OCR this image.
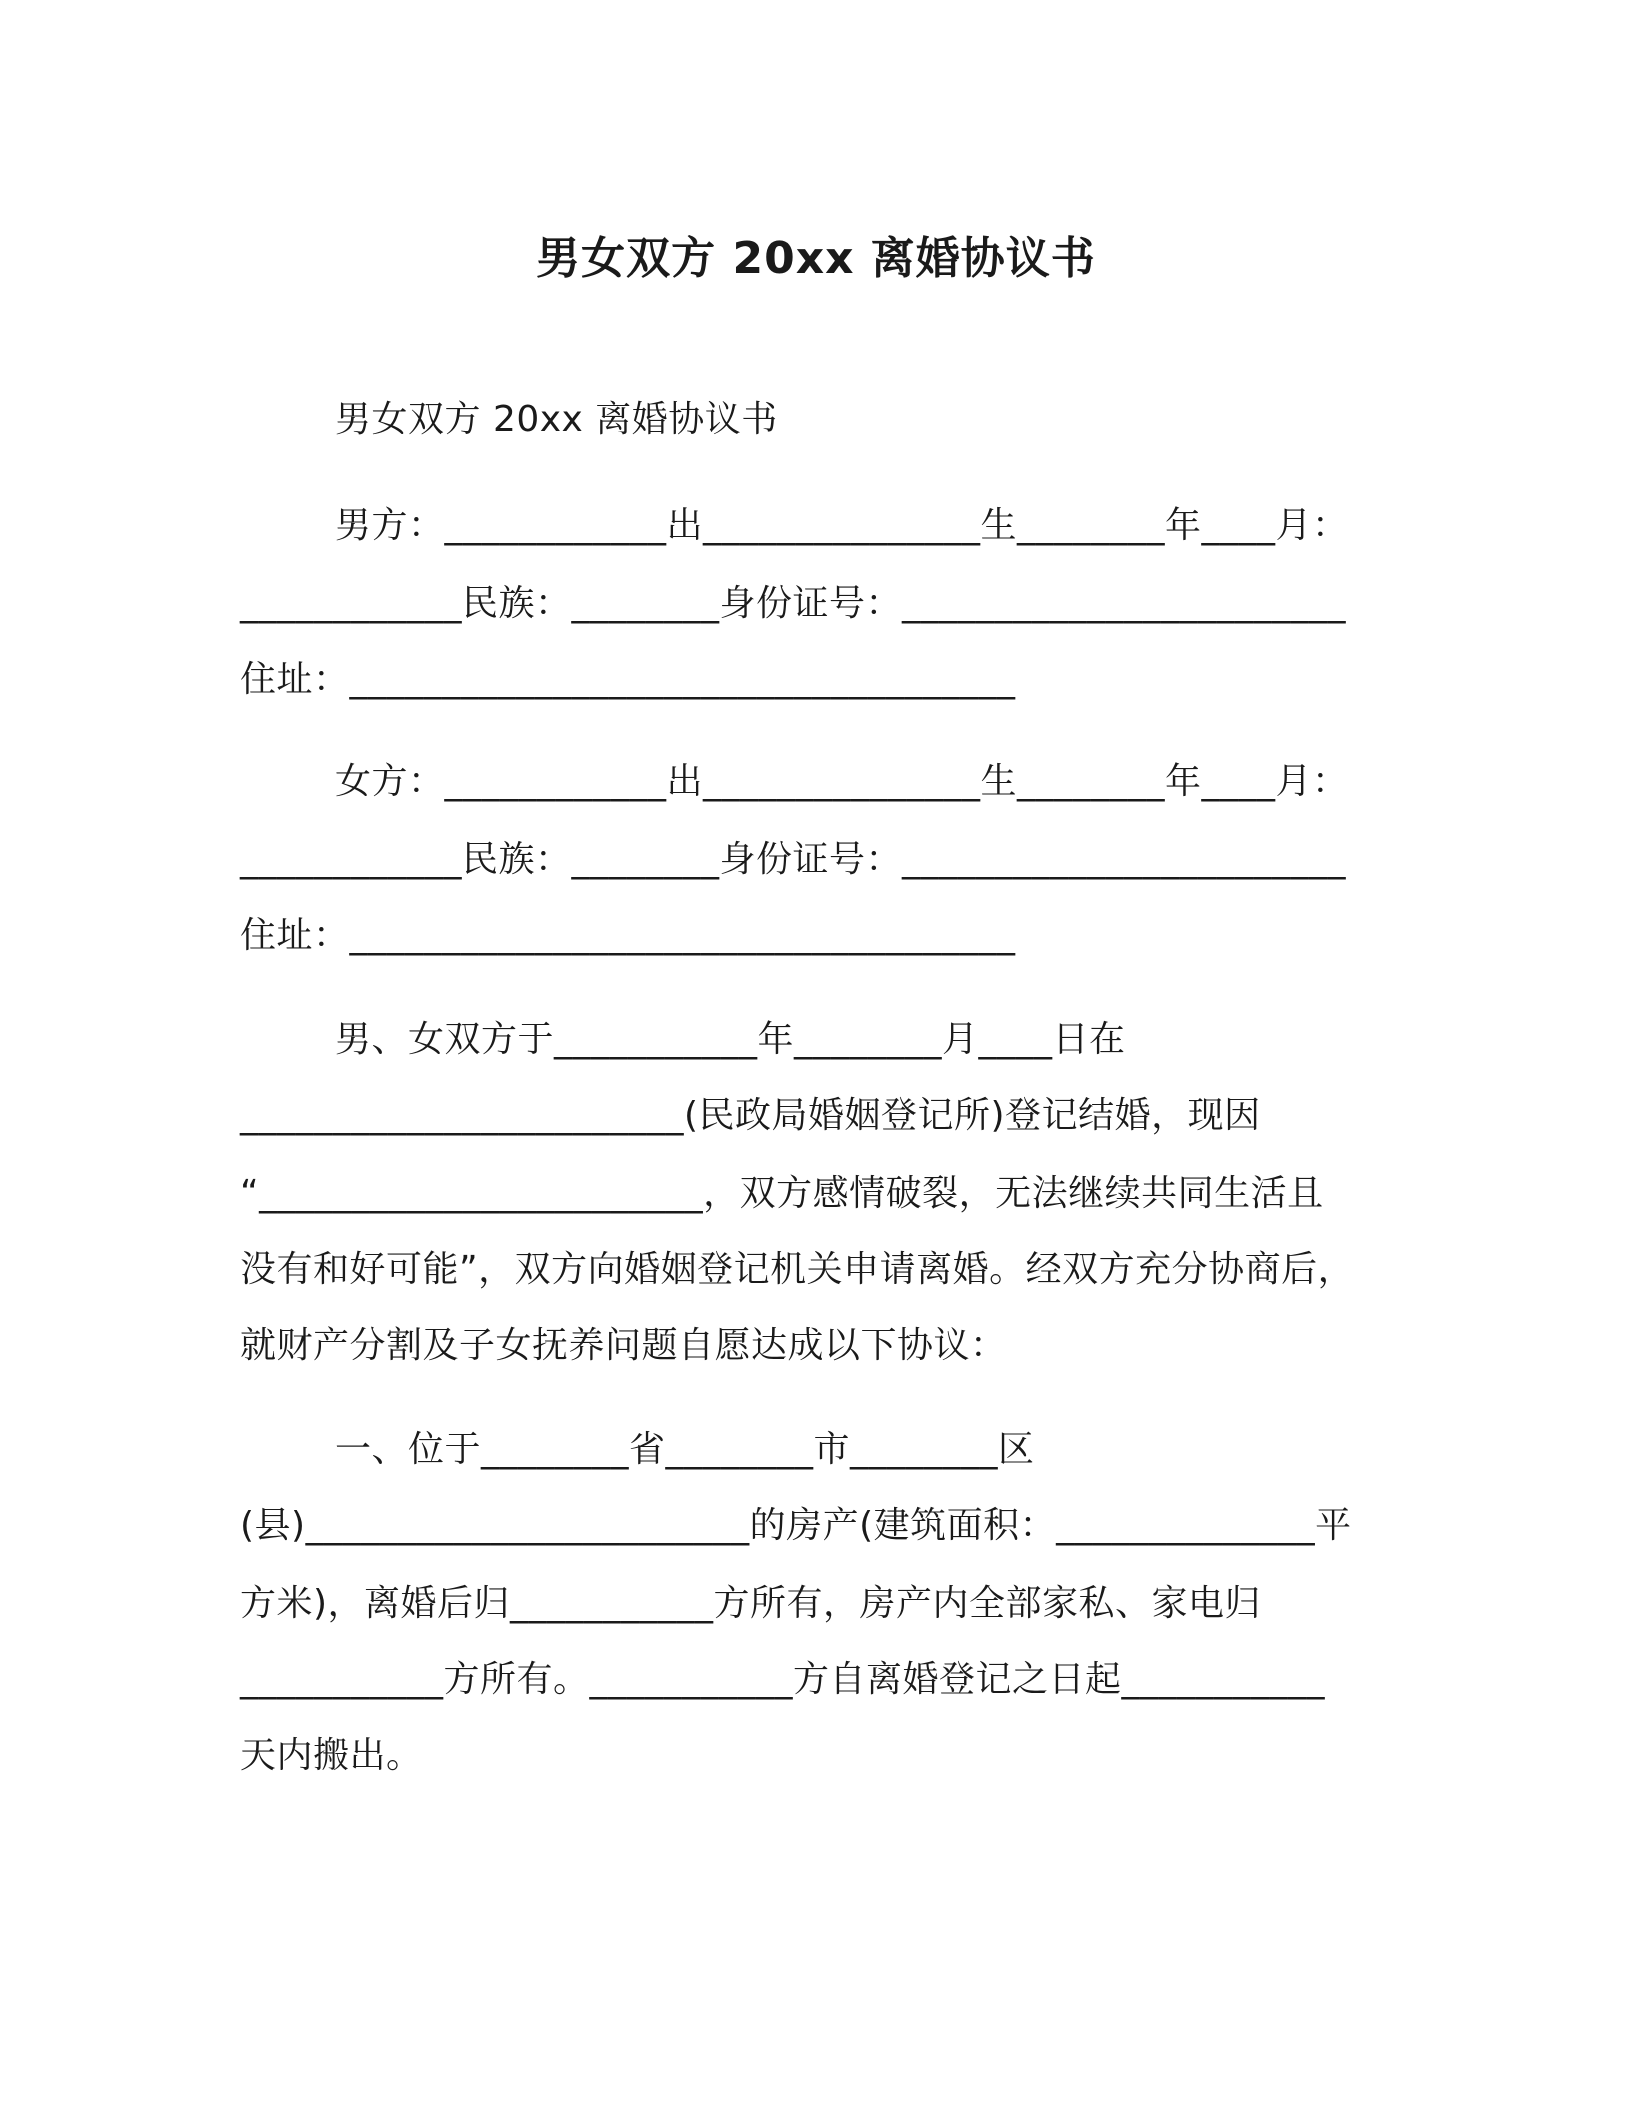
男女双方 20xx 离婚协议书
男女双方 20xx 离婚协议书
男方：____________出_______________生________年____月：
____________民族：________身份证号：________________________
住址：____________________________________
女方：____________出_______________生________年____月：
____________民族：________身份证号：________________________
住址：____________________________________
男、女双方于___________年________月____日在
________________________(民政局婚姻登记所)登记结婚，现因
“________________________，双方感情破裂，无法继续共同生活且
没有和好可能”，双方向婚姻登记机关申请离婚。经双方充分协商后，
就财产分割及子女抚养问题自愿达成以下协议：
一、位于________省________市________区
(县)________________________的房产(建筑面积：______________平
方米)，离婚后归___________方所有，房产内全部家私、家电归
___________方所有。___________方自离婚登记之日起___________
天内搬出。
